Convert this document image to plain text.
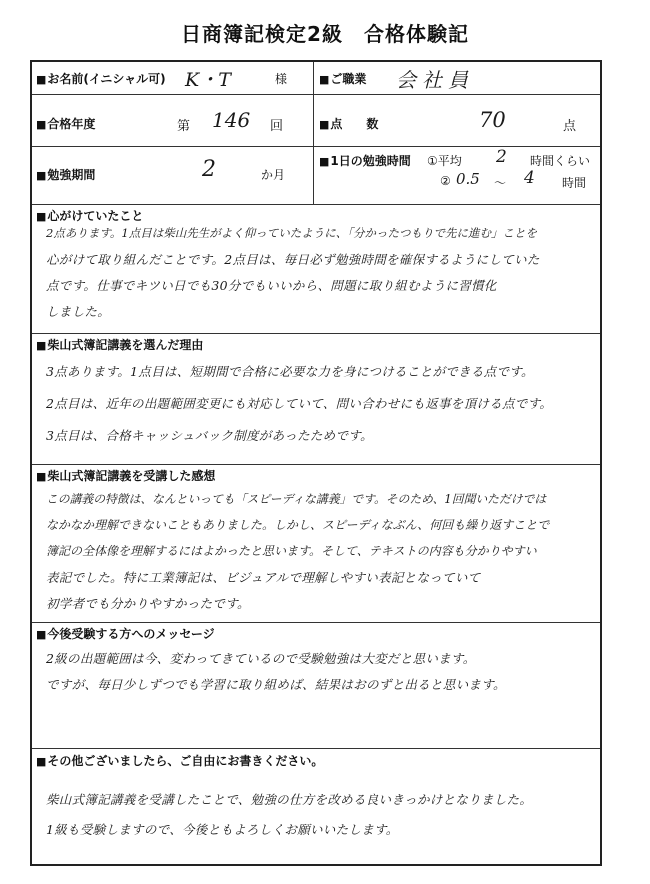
日商簿記検定2級　合格体験記
■ お名前(イニシャル可) K・T	様	■ ご職業 会社員
■ 合格年度	第 146 回	■ 点　　数	70	点
■ 勉強期間	2	か月
■ 1日の勉強時間 ①平均 2 時間くらい
② 0.5 〜 4 時間
■ 心がけていたこと
2点あります。1点目は柴山先生がよく仰っていたように、「分かったつもりで先に進む」ことを
心がけて取り組んだことです。2点目は、毎日必ず勉強時間を確保するようにしていた
点です。仕事でキツい日でも30分でもいいから、問題に取り組むように習慣化
しました。
■ 柴山式簿記講義を選んだ理由
3点あります。1点目は、短期間で合格に必要な力を身につけることができる点です。
2点目は、近年の出題範囲変更にも対応していて、問い合わせにも返事を頂ける点です。
3点目は、合格キャッシュバック制度があったためです。
■ 柴山式簿記講義を受講した感想
この講義の特徴は、なんといっても「スピーディな講義」です。そのため、1回聞いただけでは
なかなか理解できないこともありました。しかし、スピーディなぶん、何回も繰り返すことで
簿記の全体像を理解するにはよかったと思います。そして、テキストの内容も分かりやすい
表記でした。特に工業簿記は、ビジュアルで理解しやすい表記となっていて
初学者でも分かりやすかったです。
■ 今後受験する方へのメッセージ
2級の出題範囲は今、変わってきているので受験勉強は大変だと思います。
ですが、毎日少しずつでも学習に取り組めば、結果はおのずと出ると思います。
■ その他ございましたら、ご自由にお書きください。
柴山式簿記講義を受講したことで、勉強の仕方を改める良いきっかけとなりました。
1級も受験しますので、今後ともよろしくお願いいたします。
